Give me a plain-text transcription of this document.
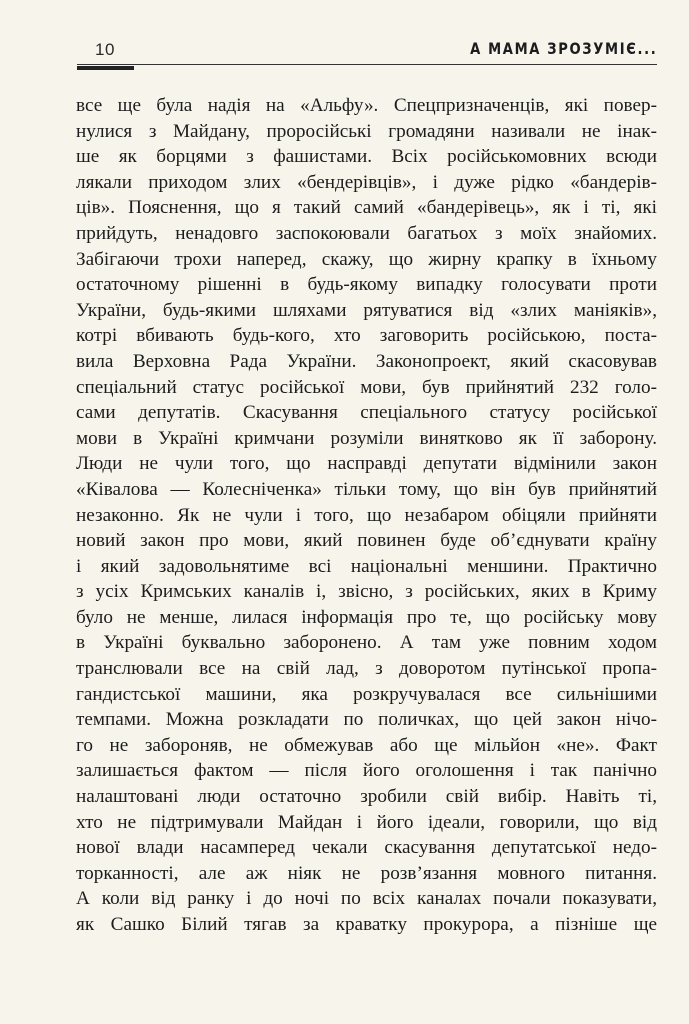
10	А МАМА ЗРОЗУМІЄ...
все ще була надія на «Альфу». Спецпризначенців, які повер-
нулися з Майдану, проросійські громадяни називали не інак-
ше як борцями з фашистами. Всіх російськомовних всюди
лякали приходом злих «бендерівців», і дуже рідко «бандерів-
ців». Пояснення, що я такий самий «бандерівець», як і ті, які
прийдуть, ненадовго заспокоювали багатьох з моїх знайомих.
Забігаючи трохи наперед, скажу, що жирну крапку в їхньому
остаточному рішенні в будь-якому випадку голосувати проти
України, будь-якими шляхами рятуватися від «злих маніяків»,
котрі вбивають будь-кого, хто заговорить російською, поста-
вила Верховна Рада України. Законопроект, який скасовував
спеціальний статус російської мови, був прийнятий 232 голо-
сами депутатів. Скасування спеціального статусу російської
мови в Україні кримчани розуміли винятково як її заборону.
Люди не чули того, що насправді депутати відмінили закон
«Ківалова — Колесніченка» тільки тому, що він був прийнятий
незаконно. Як не чули і того, що незабаром обіцяли прийняти
новий закон про мови, який повинен буде об’єднувати країну
і який задовольнятиме всі національні меншини. Практично
з усіх Кримських каналів і, звісно, з російських, яких в Криму
було не менше, лилася інформація про те, що російську мову
в Україні буквально заборонено. А там уже повним ходом
транслювали все на свій лад, з доворотом путінської пропа-
гандистської машини, яка розкручувалася все сильнішими
темпами. Можна розкладати по поличках, що цей закон нічо-
го не забороняв, не обмежував або ще мільйон «не». Факт
залишається фактом — після його оголошення і так панічно
налаштовані люди остаточно зробили свій вибір. Навіть ті,
хто не підтримували Майдан і його ідеали, говорили, що від
нової влади насамперед чекали скасування депутатської недо-
торканності, але аж ніяк не розв’язання мовного питання.
А коли від ранку і до ночі по всіх каналах почали показувати,
як Сашко Білий тягав за краватку прокурора, а пізніше ще
